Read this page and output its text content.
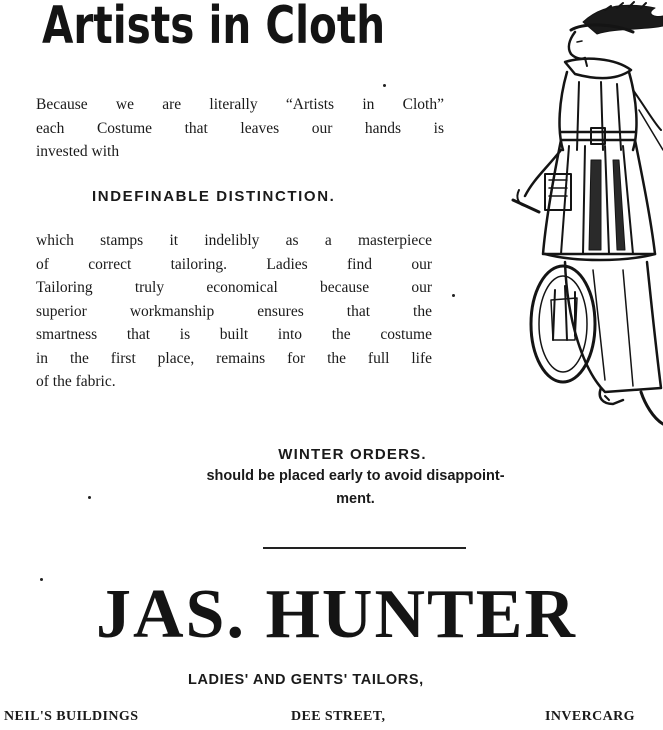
Artists in Cloth
Because we are literally “Artists in Cloth”
each Costume that leaves our hands is
invested with
INDEFINABLE DISTINCTION.
which stamps it indelibly as a masterpiece
of correct tailoring. Ladies find our
Tailoring truly economical because our
superior workmanship ensures that the
smartness that is built into the costume
in the first place, remains for the full life
of the fabric.
WINTER ORDERS.
should be placed early to avoid disappoint-
ment.
JAS. HUNTER
LADIES' AND GENTS' TAILORS,
NEIL'S BUILDINGS	DEE STREET,	INVERCARG
